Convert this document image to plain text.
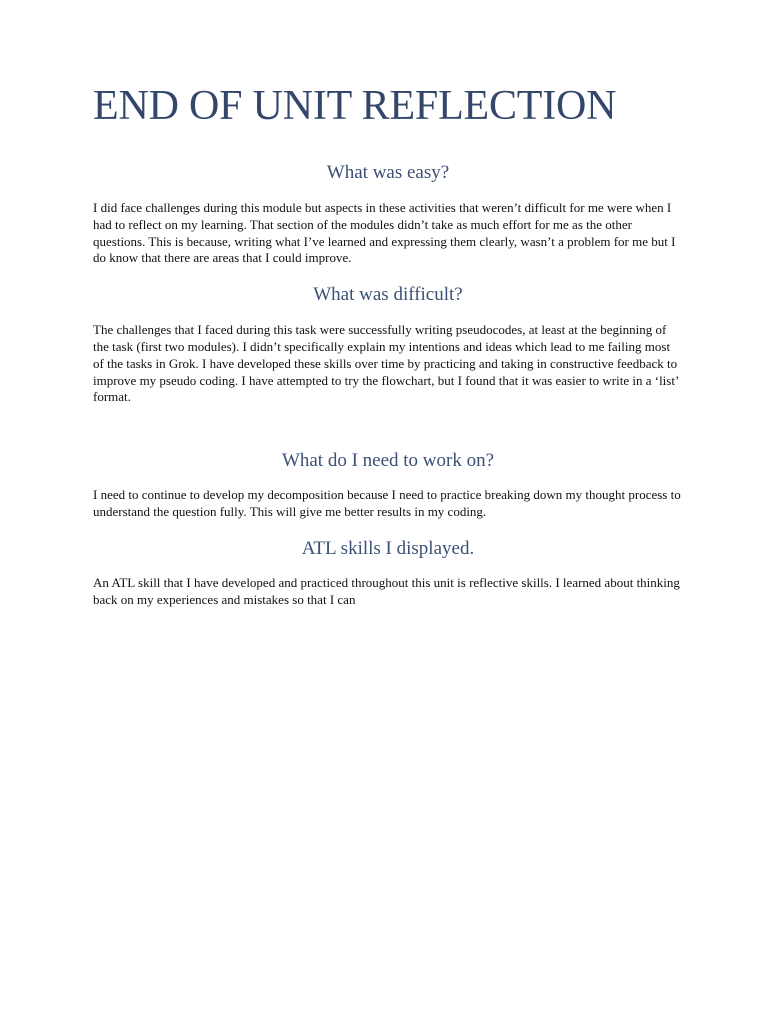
END OF UNIT REFLECTION
What was easy?

I did face challenges during this module but aspects in these activities that weren’t difficult for me were when I had to reflect on my learning. That section of the modules didn’t take as much effort for me as the other questions. This is because, writing what I’ve learned and expressing them clearly, wasn’t a problem for me but I do know that there are areas that I could improve.

What was difficult?

The challenges that I faced during this task were successfully writing pseudocodes, at least at the beginning of the task (first two modules). I didn’t specifically explain my intentions and ideas which lead to me failing most of the tasks in Grok. I have developed these skills over time by practicing and taking in constructive feedback to improve my pseudo coding. I have attempted to try the flowchart, but I found that it was easier to write in a ‘list’ format.

What do I need to work on?

I need to continue to develop my decomposition because I need to practice breaking down my thought process to understand the question fully. This will give me better results in my coding.

ATL skills I displayed.

An ATL skill that I have developed and practiced throughout this unit is reflective skills. I learned about thinking back on my experiences and mistakes so that I can
